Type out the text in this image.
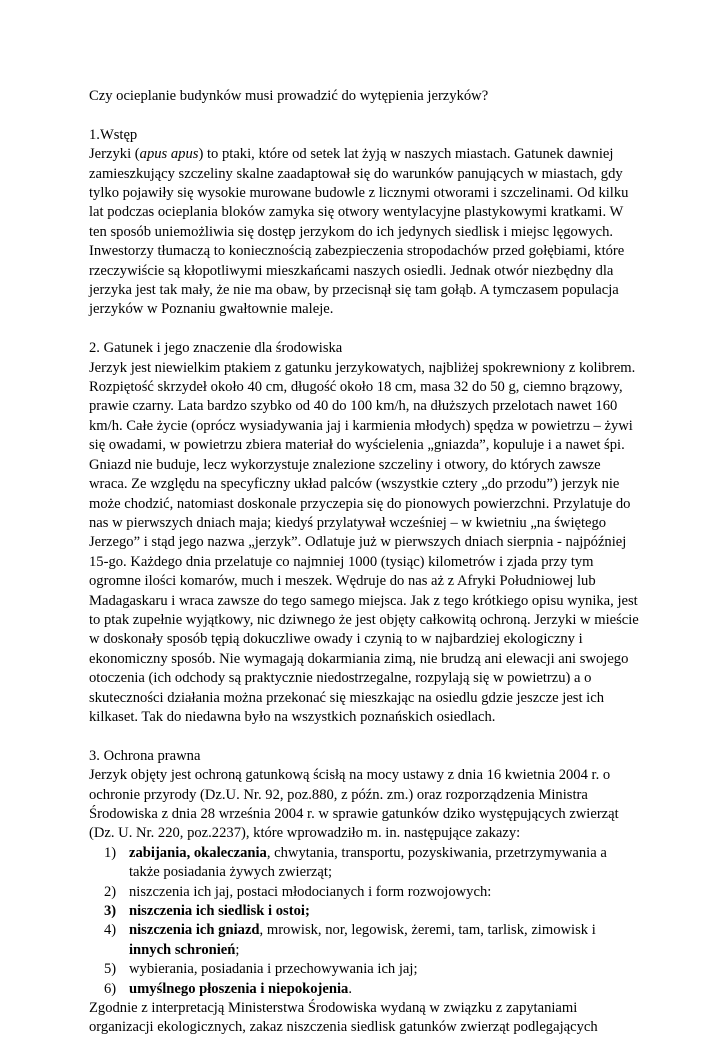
Czy ocieplanie budynków musi prowadzić do wytępienia jerzyków?

1.Wstęp

Jerzyki (apus apus) to ptaki, które od setek lat żyją w naszych miastach. Gatunek dawniej

zamieszkujący szczeliny skalne zaadaptował się do warunków panujących w miastach, gdy

tylko pojawiły się wysokie murowane budowle z licznymi otworami i szczelinami. Od kilku

lat podczas ocieplania bloków zamyka się otwory wentylacyjne plastykowymi kratkami. W

ten sposób uniemożliwia się dostęp jerzykom do ich jedynych siedlisk i miejsc lęgowych.

Inwestorzy tłumaczą to koniecznością zabezpieczenia stropodachów przed gołębiami, które

rzeczywiście są kłopotliwymi mieszkańcami naszych osiedli. Jednak otwór niezbędny dla

jerzyka jest tak mały, że nie ma obaw, by przecisnął się tam gołąb. A tymczasem populacja

jerzyków w Poznaniu gwałtownie maleje.

2. Gatunek i jego znaczenie dla środowiska

Jerzyk jest niewielkim ptakiem z gatunku jerzykowatych, najbliżej spokrewniony z kolibrem.

Rozpiętość skrzydeł około 40 cm, długość około 18 cm, masa 32 do 50 g, ciemno brązowy,

prawie czarny. Lata bardzo szybko od 40 do 100 km/h, na dłuższych przelotach nawet 160

km/h. Całe życie (oprócz wysiadywania jaj i karmienia młodych) spędza w powietrzu – żywi

się owadami, w powietrzu zbiera materiał do wyścielenia „gniazda”, kopuluje i a nawet śpi.

Gniazd nie buduje, lecz wykorzystuje znalezione szczeliny i otwory, do których zawsze

wraca. Ze względu na specyficzny układ palców (wszystkie cztery „do przodu”) jerzyk nie

może chodzić, natomiast doskonale przyczepia się do pionowych powierzchni. Przylatuje do

nas w pierwszych dniach maja; kiedyś przylatywał wcześniej – w kwietniu „na świętego

Jerzego” i stąd jego nazwa „jerzyk”. Odlatuje już w pierwszych dniach sierpnia - najpóźniej

15-go. Każdego dnia przelatuje co najmniej 1000 (tysiąc) kilometrów i zjada przy tym

ogromne ilości komarów, much i meszek. Wędruje do nas aż z Afryki Południowej lub

Madagaskaru i wraca zawsze do tego samego miejsca. Jak z tego krótkiego opisu wynika, jest

to ptak zupełnie wyjątkowy, nic dziwnego że jest objęty całkowitą ochroną. Jerzyki w mieście

w doskonały sposób tępią dokuczliwe owady i czynią to w najbardziej ekologiczny i

ekonomiczny sposób. Nie wymagają dokarmiania zimą, nie brudzą ani elewacji ani swojego

otoczenia (ich odchody są praktycznie niedostrzegalne, rozpylają się w powietrzu) a o

skuteczności działania można przekonać się mieszkając na osiedlu gdzie jeszcze jest ich

kilkaset. Tak do niedawna było na wszystkich poznańskich osiedlach.

3. Ochrona prawna

Jerzyk objęty jest ochroną gatunkową ścisłą na mocy ustawy z dnia 16 kwietnia 2004 r. o

ochronie przyrody (Dz.U. Nr. 92, poz.880, z późn. zm.) oraz rozporządzenia Ministra

Środowiska z dnia 28 września 2004 r. w sprawie gatunków dziko występujących zwierząt

(Dz. U. Nr. 220, poz.2237), które wprowadziło m. in. następujące zakazy:

1) zabijania, okaleczania, chwytania, transportu, pozyskiwania, przetrzymywania a
także posiadania żywych zwierząt;
2) niszczenia ich jaj, postaci młodocianych i form rozwojowych:
3) niszczenia ich siedlisk i ostoi;
4) niszczenia ich gniazd, mrowisk, nor, legowisk, żeremi, tam, tarlisk, zimowisk i
innych schronień;
5) wybierania, posiadania i przechowywania ich jaj;
6) umyślnego płoszenia i niepokojenia.

Zgodnie z interpretacją Ministerstwa Środowiska wydaną w związku z zapytaniami

organizacji ekologicznych, zakaz niszczenia siedlisk gatunków zwierząt podlegających
